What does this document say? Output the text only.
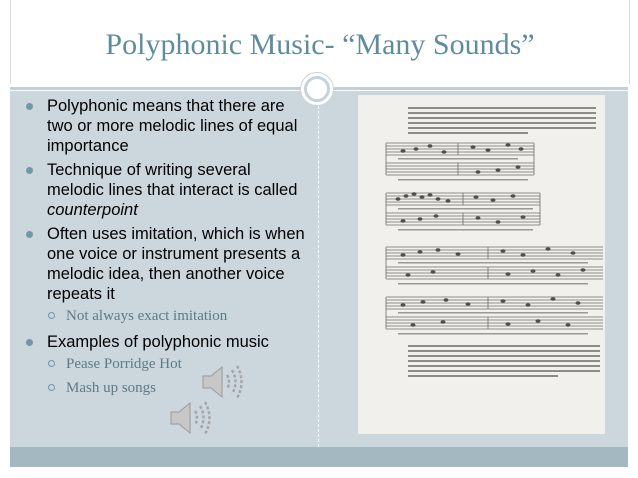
Polyphonic Music- “Many Sounds”
Polyphonic means that there are two or more melodic lines of equal importance
Technique of writing several melodic lines that interact is called counterpoint
Often uses imitation, which is when one voice or instrument presents a melodic idea, then another voice repeats it
Not always exact imitation
Examples of polyphonic music
Pease Porridge Hot
Mash up songs
